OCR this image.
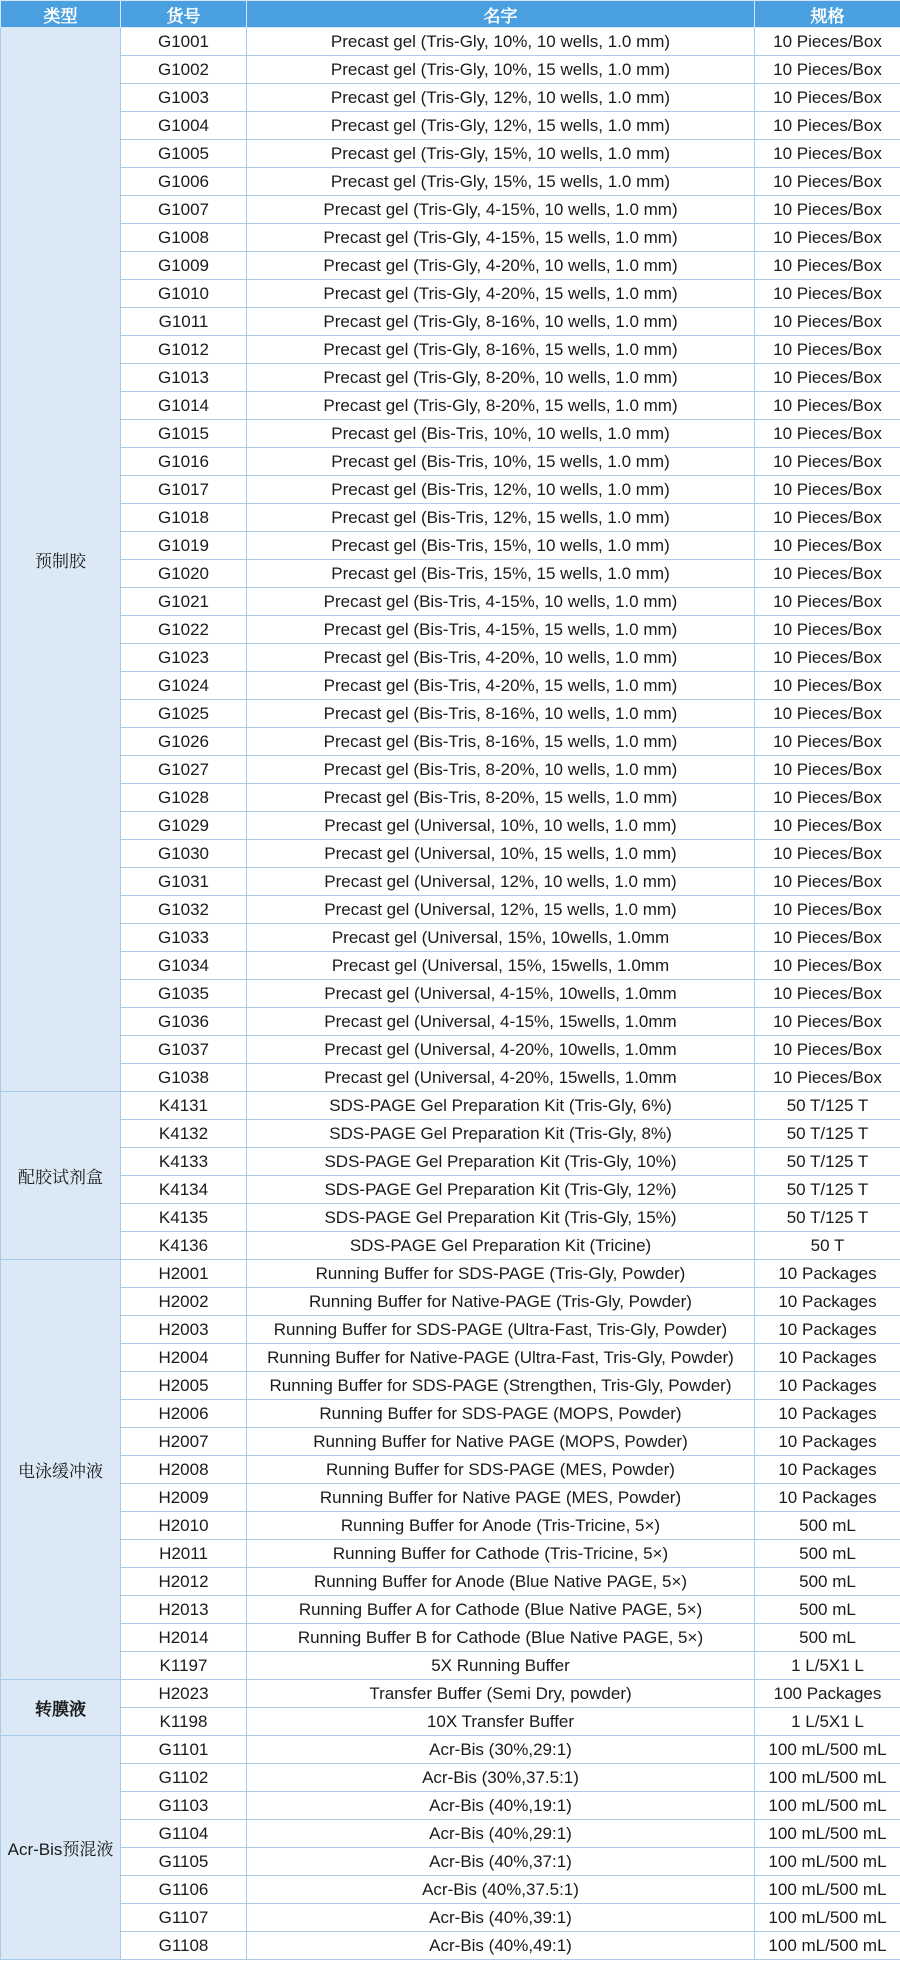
类型	货号	名字	规格
预制胶	G1001	Precast gel (Tris-Gly, 10%, 10 wells, 1.0 mm)	10 Pieces/Box
	G1002	Precast gel (Tris-Gly, 10%, 15 wells, 1.0 mm)	10 Pieces/Box
	G1003	Precast gel (Tris-Gly, 12%, 10 wells, 1.0 mm)	10 Pieces/Box
	G1004	Precast gel (Tris-Gly, 12%, 15 wells, 1.0 mm)	10 Pieces/Box
	G1005	Precast gel (Tris-Gly, 15%, 10 wells, 1.0 mm)	10 Pieces/Box
	G1006	Precast gel (Tris-Gly, 15%, 15 wells, 1.0 mm)	10 Pieces/Box
	G1007	Precast gel (Tris-Gly, 4-15%, 10 wells, 1.0 mm)	10 Pieces/Box
	G1008	Precast gel (Tris-Gly, 4-15%, 15 wells, 1.0 mm)	10 Pieces/Box
	G1009	Precast gel (Tris-Gly, 4-20%, 10 wells, 1.0 mm)	10 Pieces/Box
	G1010	Precast gel (Tris-Gly, 4-20%, 15 wells, 1.0 mm)	10 Pieces/Box
	G1011	Precast gel (Tris-Gly, 8-16%, 10 wells, 1.0 mm)	10 Pieces/Box
	G1012	Precast gel (Tris-Gly, 8-16%, 15 wells, 1.0 mm)	10 Pieces/Box
	G1013	Precast gel (Tris-Gly, 8-20%, 10 wells, 1.0 mm)	10 Pieces/Box
	G1014	Precast gel (Tris-Gly, 8-20%, 15 wells, 1.0 mm)	10 Pieces/Box
	G1015	Precast gel (Bis-Tris, 10%, 10 wells, 1.0 mm)	10 Pieces/Box
	G1016	Precast gel (Bis-Tris, 10%, 15 wells, 1.0 mm)	10 Pieces/Box
	G1017	Precast gel (Bis-Tris, 12%, 10 wells, 1.0 mm)	10 Pieces/Box
	G1018	Precast gel (Bis-Tris, 12%, 15 wells, 1.0 mm)	10 Pieces/Box
	G1019	Precast gel (Bis-Tris, 15%, 10 wells, 1.0 mm)	10 Pieces/Box
	G1020	Precast gel (Bis-Tris, 15%, 15 wells, 1.0 mm)	10 Pieces/Box
	G1021	Precast gel (Bis-Tris, 4-15%, 10 wells, 1.0 mm)	10 Pieces/Box
	G1022	Precast gel (Bis-Tris, 4-15%, 15 wells, 1.0 mm)	10 Pieces/Box
	G1023	Precast gel (Bis-Tris, 4-20%, 10 wells, 1.0 mm)	10 Pieces/Box
	G1024	Precast gel (Bis-Tris, 4-20%, 15 wells, 1.0 mm)	10 Pieces/Box
	G1025	Precast gel (Bis-Tris, 8-16%, 10 wells, 1.0 mm)	10 Pieces/Box
	G1026	Precast gel (Bis-Tris, 8-16%, 15 wells, 1.0 mm)	10 Pieces/Box
	G1027	Precast gel (Bis-Tris, 8-20%, 10 wells, 1.0 mm)	10 Pieces/Box
	G1028	Precast gel (Bis-Tris, 8-20%, 15 wells, 1.0 mm)	10 Pieces/Box
	G1029	Precast gel (Universal, 10%, 10 wells, 1.0 mm)	10 Pieces/Box
	G1030	Precast gel (Universal, 10%, 15 wells, 1.0 mm)	10 Pieces/Box
	G1031	Precast gel (Universal, 12%, 10 wells, 1.0 mm)	10 Pieces/Box
	G1032	Precast gel (Universal, 12%, 15 wells, 1.0 mm)	10 Pieces/Box
	G1033	Precast gel (Universal, 15%, 10wells, 1.0mm	10 Pieces/Box
	G1034	Precast gel (Universal, 15%, 15wells, 1.0mm	10 Pieces/Box
	G1035	Precast gel (Universal, 4-15%, 10wells, 1.0mm	10 Pieces/Box
	G1036	Precast gel (Universal, 4-15%, 15wells, 1.0mm	10 Pieces/Box
	G1037	Precast gel (Universal, 4-20%, 10wells, 1.0mm	10 Pieces/Box
	G1038	Precast gel (Universal, 4-20%, 15wells, 1.0mm	10 Pieces/Box
配胶试剂盒	K4131	SDS-PAGE Gel Preparation Kit (Tris-Gly, 6%)	50 T/125 T
	K4132	SDS-PAGE Gel Preparation Kit (Tris-Gly, 8%)	50 T/125 T
	K4133	SDS-PAGE Gel Preparation Kit (Tris-Gly, 10%)	50 T/125 T
	K4134	SDS-PAGE Gel Preparation Kit (Tris-Gly, 12%)	50 T/125 T
	K4135	SDS-PAGE Gel Preparation Kit (Tris-Gly, 15%)	50 T/125 T
	K4136	SDS-PAGE Gel Preparation Kit (Tricine)	50 T
电泳缓冲液	H2001	Running Buffer for SDS-PAGE (Tris-Gly, Powder)	10 Packages
	H2002	Running Buffer for Native-PAGE (Tris-Gly, Powder)	10 Packages
	H2003	Running Buffer for SDS-PAGE (Ultra-Fast, Tris-Gly, Powder)	10 Packages
	H2004	Running Buffer for Native-PAGE (Ultra-Fast, Tris-Gly, Powder)	10 Packages
	H2005	Running Buffer for SDS-PAGE (Strengthen, Tris-Gly, Powder)	10 Packages
	H2006	Running Buffer for SDS-PAGE (MOPS, Powder)	10 Packages
	H2007	Running Buffer for Native PAGE (MOPS, Powder)	10 Packages
	H2008	Running Buffer for SDS-PAGE (MES, Powder)	10 Packages
	H2009	Running Buffer for Native PAGE (MES, Powder)	10 Packages
	H2010	Running Buffer for Anode (Tris-Tricine, 5×)	500 mL
	H2011	Running Buffer for Cathode (Tris-Tricine, 5×)	500 mL
	H2012	Running Buffer for Anode (Blue Native PAGE, 5×)	500 mL
	H2013	Running Buffer A for Cathode (Blue Native PAGE, 5×)	500 mL
	H2014	Running Buffer B for Cathode (Blue Native PAGE, 5×)	500 mL
	K1197	5X Running Buffer	1 L/5X1 L
转膜液	H2023	Transfer Buffer (Semi Dry, powder)	100 Packages
	K1198	10X Transfer Buffer	1 L/5X1 L
Acr-Bis预混液	G1101	Acr-Bis (30%,29:1)	100 mL/500 mL
	G1102	Acr-Bis (30%,37.5:1)	100 mL/500 mL
	G1103	Acr-Bis (40%,19:1)	100 mL/500 mL
	G1104	Acr-Bis (40%,29:1)	100 mL/500 mL
	G1105	Acr-Bis (40%,37:1)	100 mL/500 mL
	G1106	Acr-Bis (40%,37.5:1)	100 mL/500 mL
	G1107	Acr-Bis (40%,39:1)	100 mL/500 mL
	G1108	Acr-Bis (40%,49:1)	100 mL/500 mL
